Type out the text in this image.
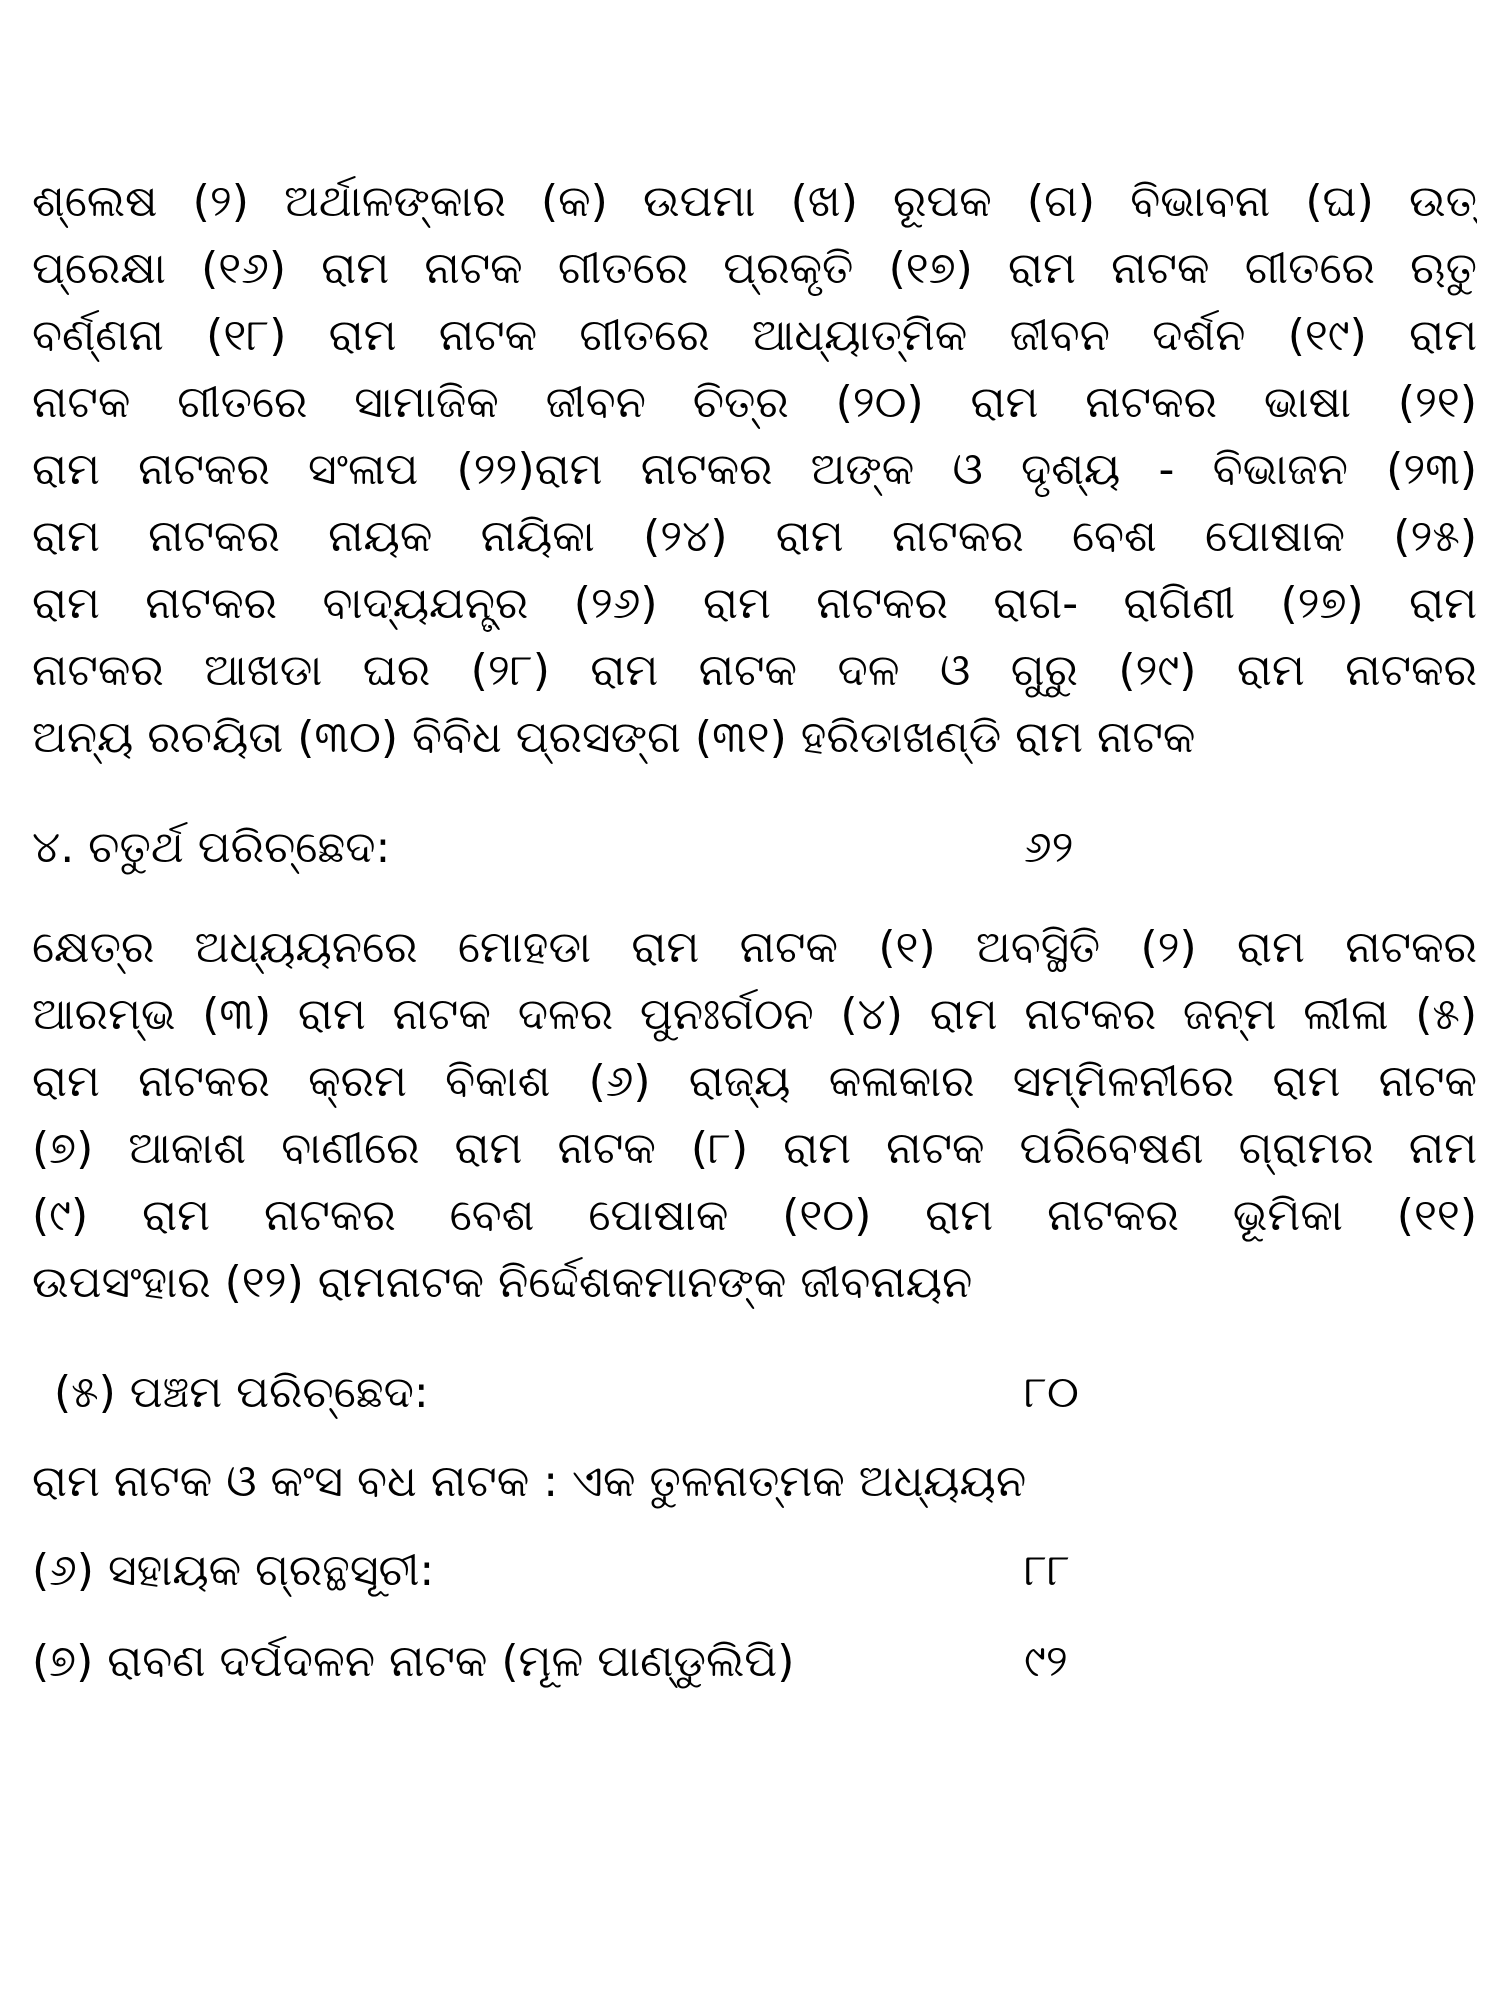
ଶ୍ଲେଷ (୨) ଅର୍ଥାଳଙ୍କାର (କ) ଉପମା (ଖ) ରୂପକ (ଗ) ବିଭାବନା (ଘ) ଉତ୍
ପ୍ରେକ୍ଷା (୧୬) ରାମ ନାଟକ ଗୀତରେ ପ୍ରକୃତି (୧୭) ରାମ ନାଟକ ଗୀତରେ ଋତୁ
ବର୍ଣ୍ଣନା (୧୮) ରାମ ନାଟକ ଗୀତରେ ଆଧ୍ୟାତ୍ମିକ ଜୀବନ ଦର୍ଶନ (୧୯) ରାମ
ନାଟକ ଗୀତରେ ସାମାଜିକ ଜୀବନ ଚିତ୍ର (୨୦) ରାମ ନାଟକର ଭାଷା (୨୧)
ରାମ ନାଟକର ସଂଳାପ (୨୨)ରାମ ନାଟକର ଅଙ୍କ ଓ ଦୃଶ୍ୟ - ବିଭାଜନ (୨୩)
ରାମ ନାଟକର ନାୟକ ନାୟିକା (୨୪) ରାମ ନାଟକର ବେଶ ପୋଷାକ (୨୫)
ରାମ ନାଟକର ବାଦ୍ୟଯନ୍ତ୍ର (୨୬) ରାମ ନାଟକର ରାଗ- ରାଗିଣୀ (୨୭) ରାମ
ନାଟକର ଆଖଡା ଘର (୨୮) ରାମ ନାଟକ ଦଳ ଓ ଗୁରୁ (୨୯) ରାମ ନାଟକର
ଅନ୍ୟ ରଚୟିତା (୩୦) ବିବିଧ ପ୍ରସଙ୍ଗ (୩୧) ହରିଡାଖଣ୍ଡି ରାମ ନାଟକ
୪. ଚତୁର୍ଥ ପରିଚ୍ଛେଦ:	୬୨
କ୍ଷେତ୍ର ଅଧ୍ୟୟନରେ ମୋହଡା ରାମ ନାଟକ (୧) ଅବସ୍ଥିତି (୨) ରାମ ନାଟକର
ଆରମ୍ଭ (୩) ରାମ ନାଟକ ଦଳର ପୁନଃର୍ଗଠନ (୪) ରାମ ନାଟକର ଜନ୍ମ ଲୀଳା (୫)
ରାମ ନାଟକର କ୍ରମ ବିକାଶ (୬) ରାଜ୍ୟ କଳାକାର ସମ୍ମିଳନୀରେ ରାମ ନାଟକ
(୭) ଆକାଶ ବାଣୀରେ ରାମ ନାଟକ (୮) ରାମ ନାଟକ ପରିବେଷଣ ଗ୍ରାମର ନାମ
(୯) ରାମ ନାଟକର ବେଶ ପୋଷାକ (୧୦) ରାମ ନାଟକର ଭୂମିକା (୧୧)
ଉପସଂହାର (୧୨) ରାମନାଟକ ନିର୍ଦ୍ଦେଶକମାନଙ୍କ ଜୀବନାୟନ
(୫) ପଞ୍ଚମ ପରିଚ୍ଛେଦ:	୮୦
ରାମ ନାଟକ ଓ କଂସ ବଧ ନାଟକ : ଏକ ତୁଳନାତ୍ମକ ଅଧ୍ୟୟନ
(୬) ସହାୟକ ଗ୍ରନ୍ଥସୂଚୀ:	୮୮
(୭) ରାବଣ ଦର୍ପଦଳନ ନାଟକ (ମୂଳ ପାଣ୍ଡୁଲିପି)	୯୨
